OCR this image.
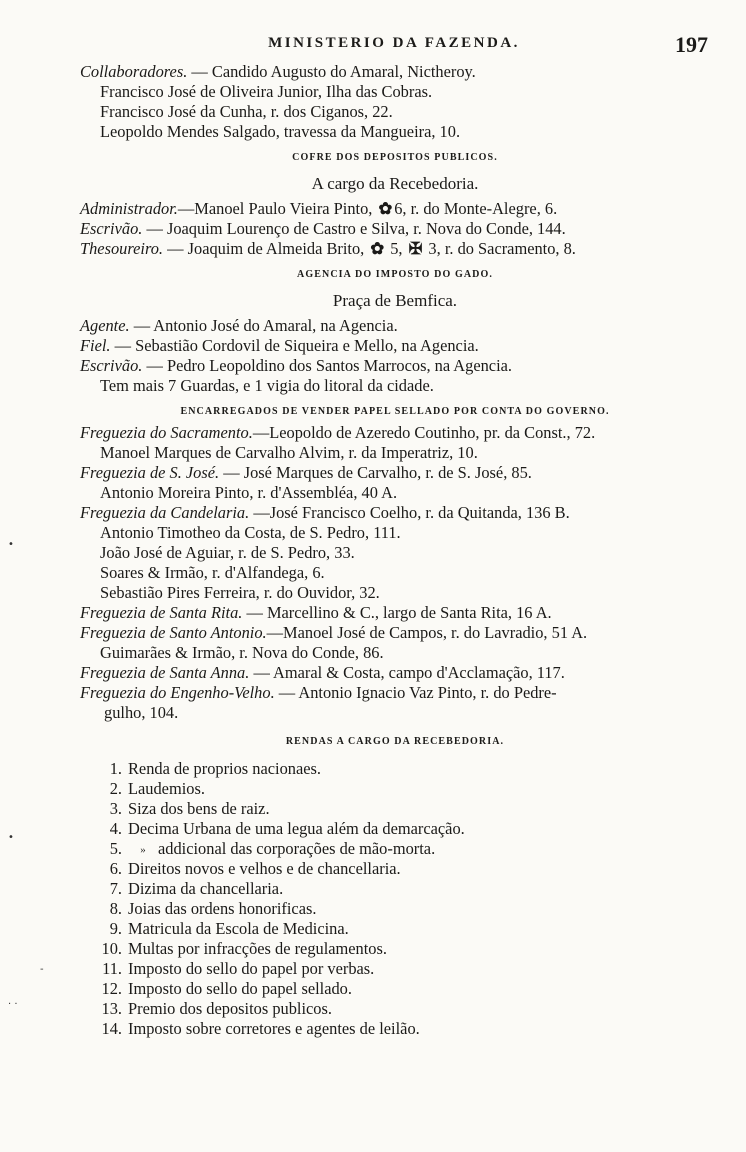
MINISTERIO DA FAZENDA.	197
Collaboradores. — Candido Augusto do Amaral, Nictheroy.
Francisco José de Oliveira Junior, Ilha das Cobras.
Francisco José da Cunha, r. dos Ciganos, 22.
Leopoldo Mendes Salgado, travessa da Mangueira, 10.
COFRE DOS DEPOSITOS PUBLICOS.
A cargo da Recebedoria.
Administrador.—Manoel Paulo Vieira Pinto, ✿ 6, r. do Monte-Alegre, 6.
Escrivão. — Joaquim Lourenço de Castro e Silva, r. Nova do Conde, 144.
Thesoureiro. — Joaquim de Almeida Brito, ✿ 5, ✠ 3, r. do Sacramento, 8.
AGENCIA DO IMPOSTO DO GADO.
Praça de Bemfica.
Agente. — Antonio José do Amaral, na Agencia.
Fiel. — Sebastião Cordovil de Siqueira e Mello, na Agencia.
Escrivão. — Pedro Leopoldino dos Santos Marrocos, na Agencia.
Tem mais 7 Guardas, e 1 vigia do litoral da cidade.
ENCARREGADOS DE VENDER PAPEL SELLADO POR CONTA DO GOVERNO.
Freguezia do Sacramento.—Leopoldo de Azeredo Coutinho, pr. da Const., 72.
Manoel Marques de Carvalho Alvim, r. da Imperatriz, 10.
Freguezia de S. José. — José Marques de Carvalho, r. de S. José, 85.
Antonio Moreira Pinto, r. d'Assembléa, 40 A.
Freguezia da Candelaria. —José Francisco Coelho, r. da Quitanda, 136 B.
Antonio Timotheo da Costa, de S. Pedro, 111.
João José de Aguiar, r. de S. Pedro, 33.
Soares & Irmão, r. d'Alfandega, 6.
Sebastião Pires Ferreira, r. do Ouvidor, 32.
Freguezia de Santa Rita. — Marcellino & C., largo de Santa Rita, 16 A.
Freguezia de Santo Antonio.—Manoel José de Campos, r. do Lavradio, 51 A.
Guimarães & Irmão, r. Nova do Conde, 86.
Freguezia de Santa Anna. — Amaral & Costa, campo d'Acclamação, 117.
Freguezia do Engenho-Velho. — Antonio Ignacio Vaz Pinto, r. do Pedre-
gulho, 104.
RENDAS A CARGO DA RECEBEDORIA.
1. Renda de proprios nacionaes.
2. Laudemios.
3. Siza dos bens de raiz.
4. Decima Urbana de uma legua além da demarcação.
5. » addicional das corporações de mão-morta.
6. Direitos novos e velhos e de chancellaria.
7. Dizima da chancellaria.
8. Joias das ordens honorificas.
9. Matricula da Escola de Medicina.
10. Multas por infracções de regulamentos.
11. Imposto do sello do papel por verbas.
12. Imposto do sello do papel sellado.
13. Premio dos depositos publicos.
14. Imposto sobre corretores e agentes de leilão.
•
•
-
· ·
